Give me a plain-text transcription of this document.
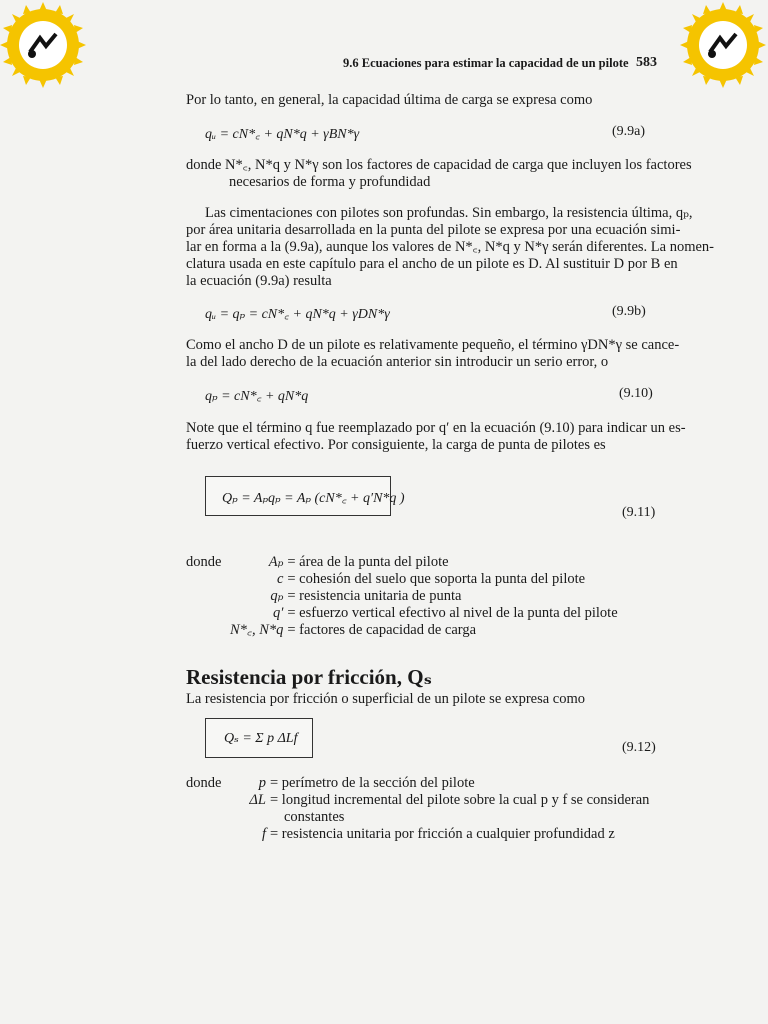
9.6 Ecuaciones para estimar la capacidad de un pilote 583
Por lo tanto, en general, la capacidad última de carga se expresa como
qᵤ = cN*꜀ + qN*q + γBN*γ	(9.9a)
donde N*꜀, N*q y N*γ son los factores de capacidad de carga que incluyen los factores
necesarios de forma y profundidad
Las cimentaciones con pilotes son profundas. Sin embargo, la resistencia última, qₚ,
por área unitaria desarrollada en la punta del pilote se expresa por una ecuación simi-
lar en forma a la (9.9a), aunque los valores de N*꜀, N*q y N*γ serán diferentes. La nomen-
clatura usada en este capítulo para el ancho de un pilote es D. Al sustituir D por B en
la ecuación (9.9a) resulta
qᵤ = qₚ = cN*꜀ + qN*q + γDN*γ	(9.9b)
Como el ancho D de un pilote es relativamente pequeño, el término γDN*γ se cance-
la del lado derecho de la ecuación anterior sin introducir un serio error, o
qₚ = cN*꜀ + qN*q	(9.10)
Note que el término q fue reemplazado por q′ en la ecuación (9.10) para indicar un es-
fuerzo vertical efectivo. Por consiguiente, la carga de punta de pilotes es
Qₚ = Aₚqₚ = Aₚ (cN*꜀ + q′N*q )
(9.11)
donde	Aₚ	= área de la punta del pilote
	c	= cohesión del suelo que soporta la punta del pilote
	qₚ	= resistencia unitaria de punta
	q′	= esfuerzo vertical efectivo al nivel de la punta del pilote
	N*꜀, N*q	= factores de capacidad de carga
Resistencia por fricción, Qₛ
La resistencia por fricción o superficial de un pilote se expresa como
Qₛ = Σ p ΔLf
(9.12)
donde	p	= perímetro de la sección del pilote
	ΔL	= longitud incremental del pilote sobre la cual p y f se consideran
		constantes
	f	= resistencia unitaria por fricción a cualquier profundidad z
